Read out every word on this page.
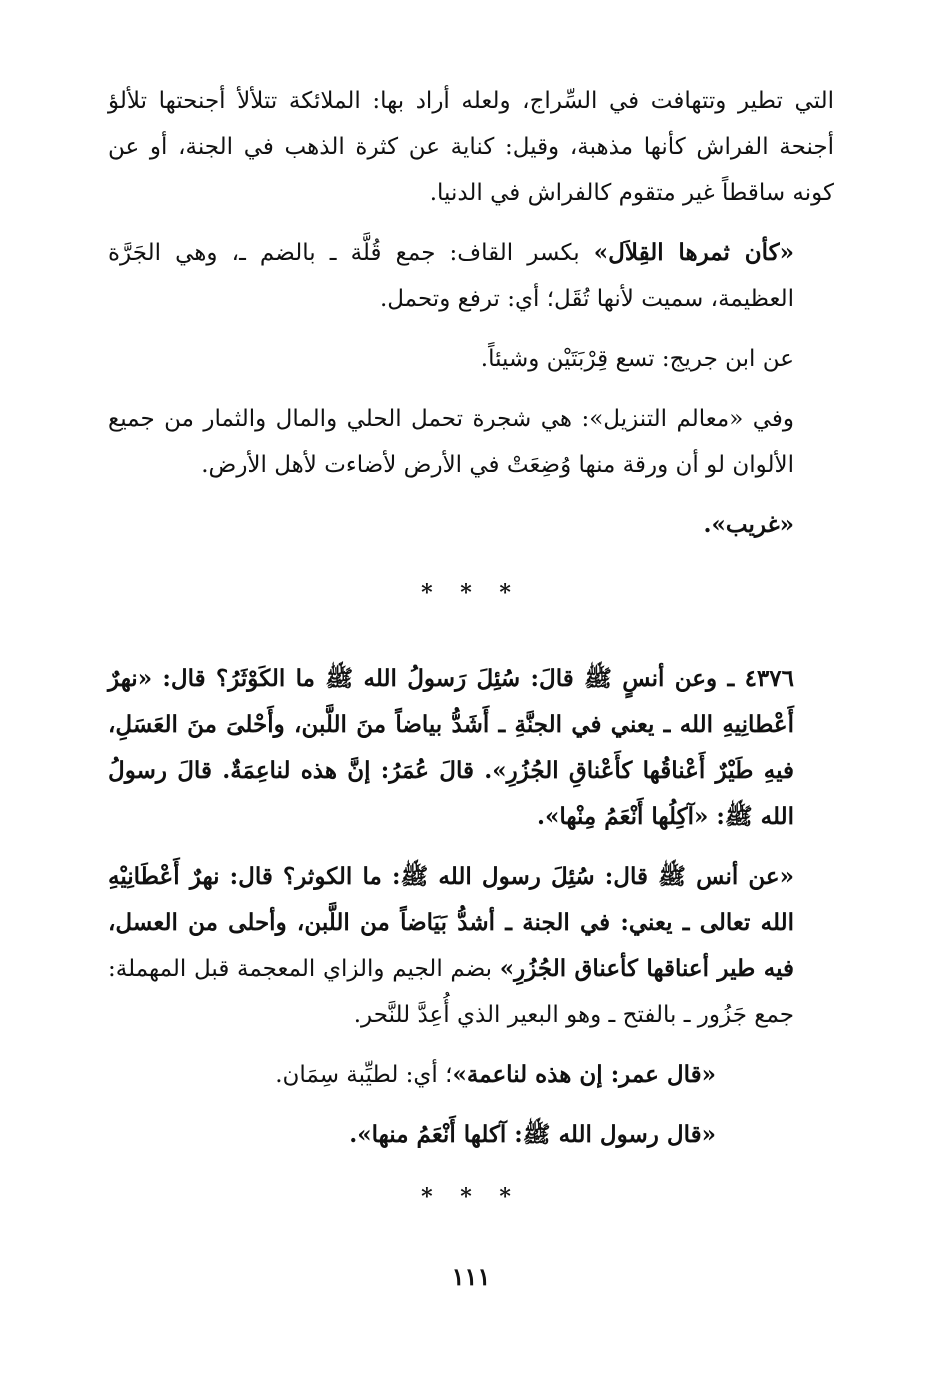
التي تطير وتتهافت في السِّراج، ولعله أراد بها: الملائكة تتلألأ أجنحتها تلألؤ أجنحة الفراش كأنها مذهبة، وقيل: كناية عن كثرة الذهب في الجنة، أو عن كونه ساقطاً غير متقوم كالفراش في الدنيا.

«كأن ثمرها القِلاَل» بكسر القاف: جمع قُلَّة ـ بالضم ـ، وهي الجَرَّة العظيمة، سميت لأنها تُقَل؛ أي: ترفع وتحمل.

عن ابن جريج: تسع قِرْبَتَيْن وشيئاً.

وفي «معالم التنزيل»: هي شجرة تحمل الحلي والمال والثمار من جميع الألوان لو أن ورقة منها وُضِعَتْ في الأرض لأضاءت لأهل الأرض.

«غريب».

* * *

٤٣٧٦ ـ وعن أنسٍ ﷺ قالَ: سُئِلَ رَسولُ الله ﷺ ما الكَوْثَرُ؟ قال: «نهرٌ أَعْطانِيهِ الله ـ يعني في الجنَّةِ ـ أَشَدُّ بياضاً منَ اللَّبن، وأَحْلىَ منَ العَسَلِ، فيهِ طَيْرٌ أَعْناقُها كأَعْناقِ الجُزُرِ». قالَ عُمَرُ: إنَّ هذه لناعِمَةٌ. قالَ رسولُ الله ﷺ: «آكِلُها أَنْعَمُ مِنْها».

«عن أنس ﷺ قال: سُئِلَ رسول الله ﷺ: ما الكوثر؟ قال: نهرٌ أَعْطَانِيْهِ الله تعالى ـ يعني: في الجنة ـ أشدُّ بَيَاضاً من اللَّبن، وأحلى من العسل، فيه طير أعناقها كأعناق الجُزُرِ» بضم الجيم والزاي المعجمة قبل المهملة: جمع جَزُور ـ بالفتح ـ وهو البعير الذي أُعِدَّ للنَّحر.

«قال عمر: إن هذه لناعمة»؛ أي: لطيِّبة سِمَان.

«قال رسول الله ﷺ: آكلها أَنْعَمُ منها».

* * *

١١١
